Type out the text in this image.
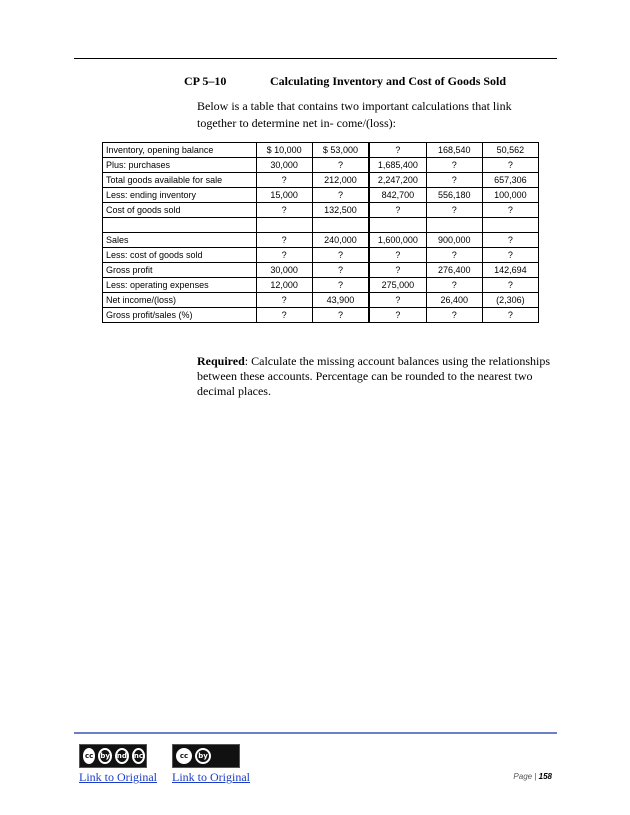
CP 5–10	Calculating Inventory and Cost of Goods Sold
Below is a table that contains two important calculations that link together to determine net in- come/(loss):
Inventory, opening balance	$ 10,000	$ 53,000	?	168,540	50,562
Plus: purchases	30,000	?	1,685,400	?	?
Total goods available for sale	?	212,000	2,247,200	?	657,306
Less: ending inventory	15,000	?	842,700	556,180	100,000
Cost of goods sold	?	132,500	?	?	?

Sales	?	240,000	1,600,000	900,000	?
Less: cost of goods sold	?	?	?	?	?
Gross profit	30,000	?	?	276,400	142,694
Less: operating expenses	12,000	?	275,000	?	?
Net income/(loss)	?	43,900	?	26,400	(2,306)
Gross profit/sales (%)	?	?	?	?	?
Required: Calculate the missing account balances using the relationships between these accounts. Percentage can be rounded to the nearest two decimal places.
cc by nd nc	cc	by
Link to Original Link to Original	Page | 158
